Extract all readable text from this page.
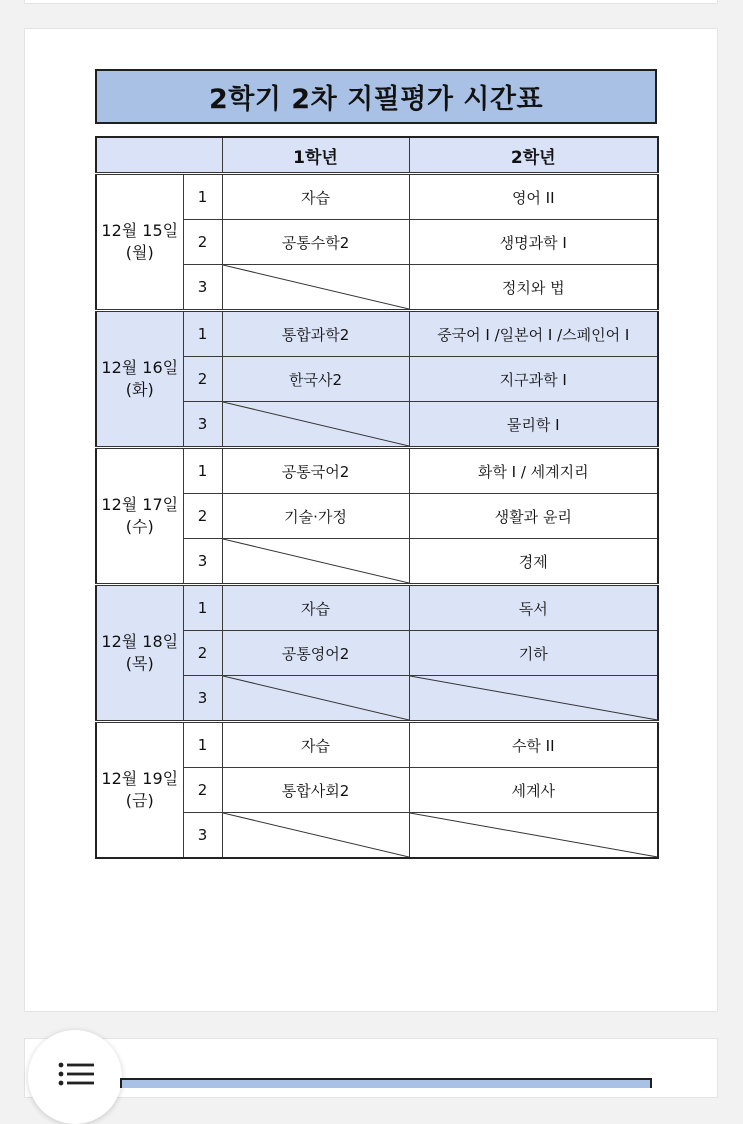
2학기 2차 지필평가 시간표
		1학년	2학년

12월 15일
(월)	1	자습	영어 II
	2	공통수학2	생명과학 I
	3		정치와 법

12월 16일
(화)	1	통합과학2	중국어 I /일본어 I /스페인어 I
	2	한국사2	지구과학 I
	3		물리학 I

12월 17일
(수)	1	공통국어2	화학 I / 세계지리
	2	기술·가정	생활과 윤리
	3		경제

12월 18일
(목)	1	자습	독서
	2	공통영어2	기하
	3	

12월 19일
(금)	1	자습	수학 II
	2	통합사회2	세계사
	3	
